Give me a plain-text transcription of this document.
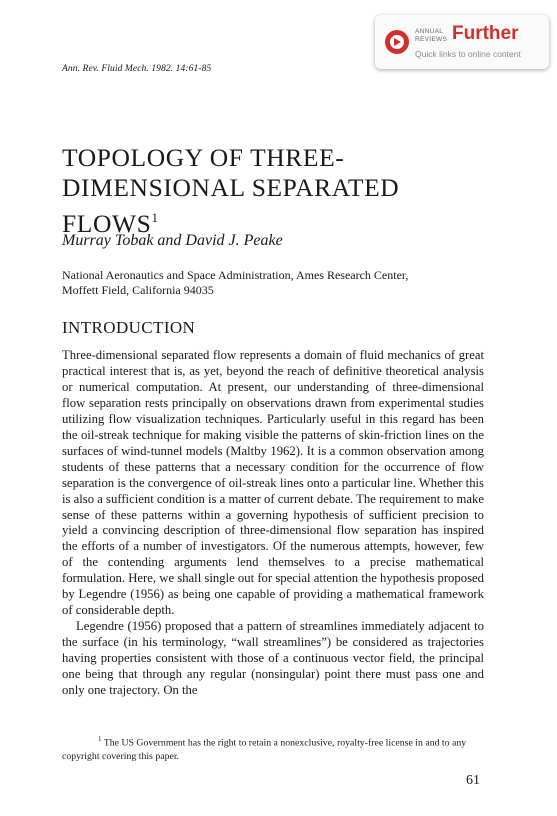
Ann. Rev. Fluid Mech. 1982. 14:61-85
ANNUAL
REVIEWS Further
Quick links to online content
TOPOLOGY OF THREE-
DIMENSIONAL SEPARATED
FLOWS$^1$
Murray Tobak and David J. Peake
National Aeronautics and Space Administration, Ames Research Center,
Moffett Field, California 94035
INTRODUCTION

Three-dimensional separated flow represents a domain of fluid mechanics of great practical interest that is, as yet, beyond the reach of definitive theoretical analysis or numerical computation. At present, our understanding of three-dimensional flow separation rests principally on observations drawn from experimental studies utilizing flow visualization techniques. Particularly useful in this regard has been the oil-streak technique for making visible the patterns of skin-friction lines on the surfaces of wind-tunnel models (Maltby 1962). It is a common observation among students of these patterns that a necessary condition for the occurrence of flow separation is the convergence of oil-streak lines onto a particular line. Whether this is also a sufficient condition is a matter of current debate. The requirement to make sense of these patterns within a governing hypothesis of sufficient precision to yield a convincing description of three-dimensional flow separation has inspired the efforts of a number of investigators. Of the numerous attempts, however, few of the contending arguments lend themselves to a precise mathematical formulation. Here, we shall single out for special attention the hypothesis proposed by Legendre (1956) as being one capable of providing a mathematical framework of considerable depth.

Legendre (1956) proposed that a pattern of streamlines immediately adjacent to the surface (in his terminology, “wall streamlines”) be considered as trajectories having properties consistent with those of a continuous vector field, the principal one being that through any regular (nonsingular) point there must pass one and only one trajectory. On the

$^1$ The US Government has the right to retain a nonexclusive, royalty-free license in and to any copyright covering this paper.
61
